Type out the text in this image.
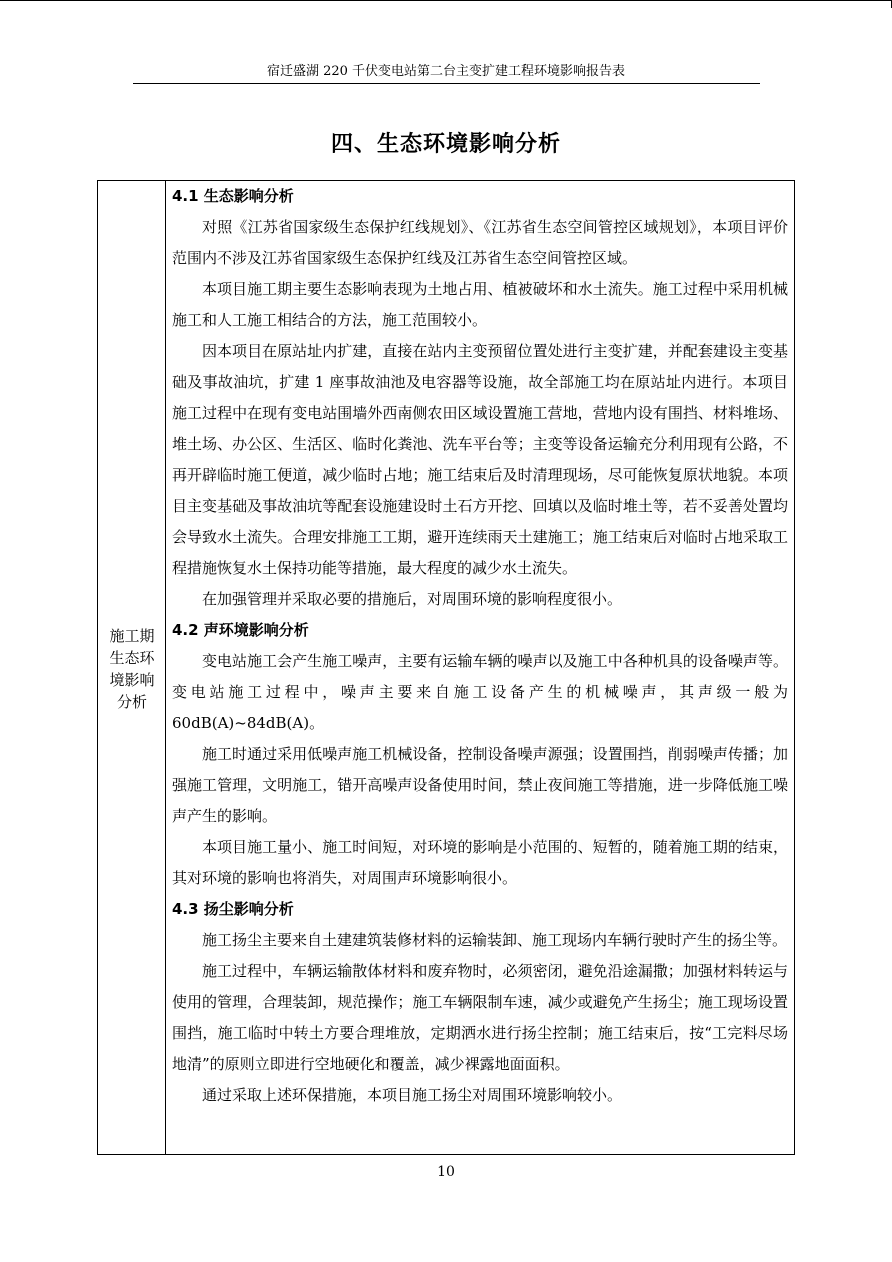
宿迁盛湖 220 千伏变电站第二台主变扩建工程环境影响报告表
四、生态环境影响分析
施工期生态环境影响分析
4.1 生态影响分析

对照《江苏省国家级生态保护红线规划》、《江苏省生态空间管控区域规划》，本项目评价范围内不涉及江苏省国家级生态保护红线及江苏省生态空间管控区域。

本项目施工期主要生态影响表现为土地占用、植被破坏和水土流失。施工过程中采用机械施工和人工施工相结合的方法，施工范围较小。

因本项目在原站址内扩建，直接在站内主变预留位置处进行主变扩建，并配套建设主变基础及事故油坑，扩建 1 座事故油池及电容器等设施，故全部施工均在原站址内进行。本项目施工过程中在现有变电站围墙外西南侧农田区域设置施工营地，营地内设有围挡、材料堆场、堆土场、办公区、生活区、临时化粪池、洗车平台等；主变等设备运输充分利用现有公路，不再开辟临时施工便道，减少临时占地；施工结束后及时清理现场，尽可能恢复原状地貌。本项目主变基础及事故油坑等配套设施建设时土石方开挖、回填以及临时堆土等，若不妥善处置均会导致水土流失。合理安排施工工期，避开连续雨天土建施工；施工结束后对临时占地采取工程措施恢复水土保持功能等措施，最大程度的减少水土流失。

在加强管理并采取必要的措施后，对周围环境的影响程度很小。

4.2 声环境影响分析

变电站施工会产生施工噪声，主要有运输车辆的噪声以及施工中各种机具的设备噪声等。变电站施工过程中，噪声主要来自施工设备产生的机械噪声，其声级一般为 60dB(A)~84dB(A)。

施工时通过采用低噪声施工机械设备，控制设备噪声源强；设置围挡，削弱噪声传播；加强施工管理，文明施工，错开高噪声设备使用时间，禁止夜间施工等措施，进一步降低施工噪声产生的影响。

本项目施工量小、施工时间短，对环境的影响是小范围的、短暂的，随着施工期的结束，其对环境的影响也将消失，对周围声环境影响很小。

4.3 扬尘影响分析

施工扬尘主要来自土建建筑装修材料的运输装卸、施工现场内车辆行驶时产生的扬尘等。

施工过程中，车辆运输散体材料和废弃物时，必须密闭，避免沿途漏撒；加强材料转运与使用的管理，合理装卸，规范操作；施工车辆限制车速，减少或避免产生扬尘；施工现场设置围挡，施工临时中转土方要合理堆放，定期洒水进行扬尘控制；施工结束后，按“工完料尽场地清”的原则立即进行空地硬化和覆盖，减少裸露地面面积。

通过采取上述环保措施，本项目施工扬尘对周围环境影响较小。

10
